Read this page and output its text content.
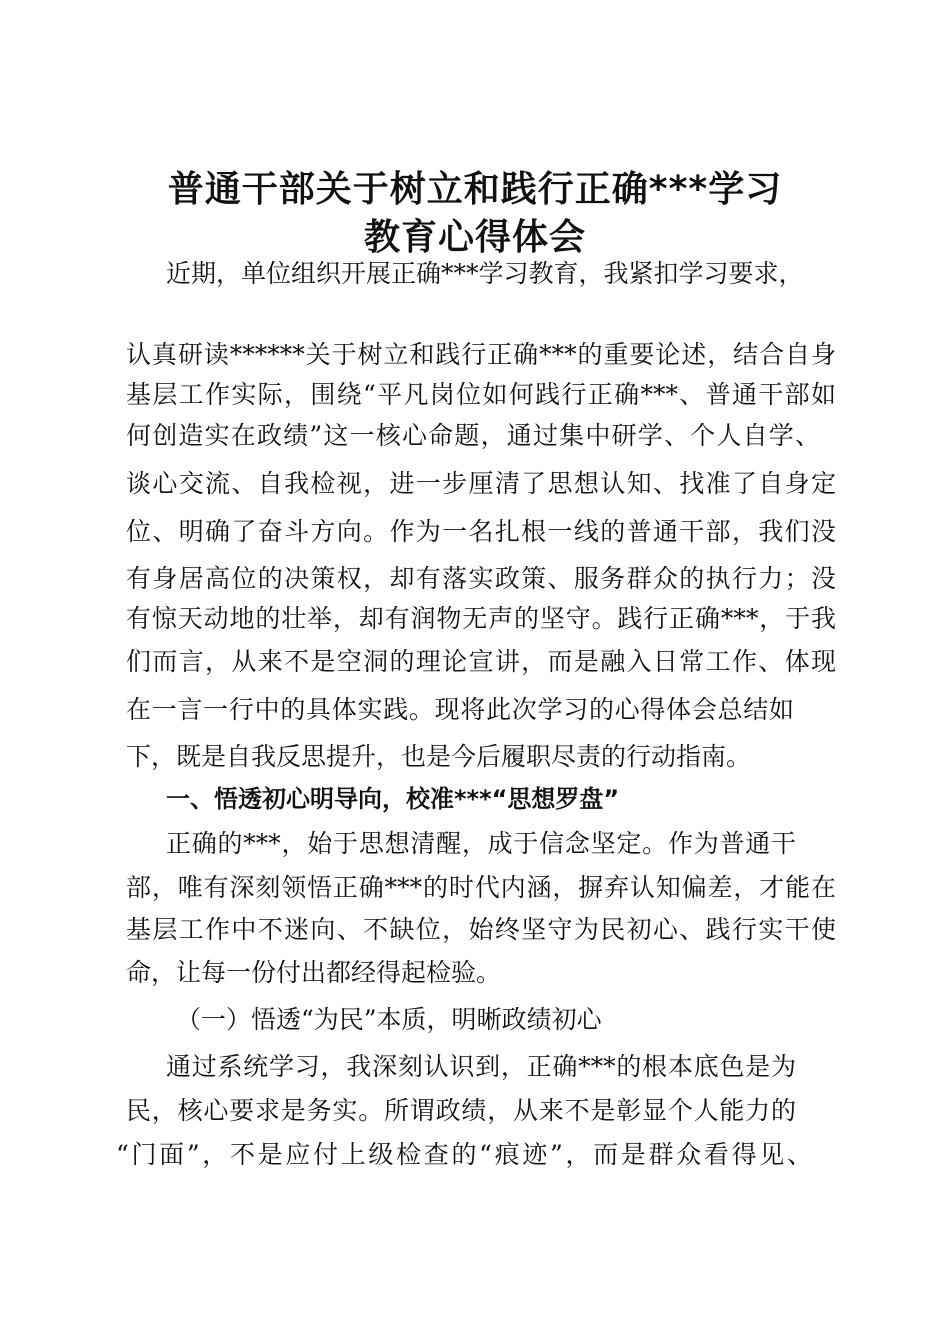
普通干部关于树立和践行正确***学习
教育心得体会
近期，单位组织开展正确***学习教育，我紧扣学习要求，
认真研读******关于树立和践行正确***的重要论述，结合自身
基层工作实际，围绕“平凡岗位如何践行正确***、普通干部如
何创造实在政绩”这一核心命题，通过集中研学、个人自学、
谈心交流、自我检视，进一步厘清了思想认知、找准了自身定
位、明确了奋斗方向。作为一名扎根一线的普通干部，我们没
有身居高位的决策权，却有落实政策、服务群众的执行力；没
有惊天动地的壮举，却有润物无声的坚守。践行正确***，于我
们而言，从来不是空洞的理论宣讲，而是融入日常工作、体现
在一言一行中的具体实践。现将此次学习的心得体会总结如
下，既是自我反思提升，也是今后履职尽责的行动指南。
一、悟透初心明导向，校准***“思想罗盘”
正确的***，始于思想清醒，成于信念坚定。作为普通干
部，唯有深刻领悟正确***的时代内涵，摒弃认知偏差，才能在
基层工作中不迷向、不缺位，始终坚守为民初心、践行实干使
命，让每一份付出都经得起检验。
（一）悟透“为民”本质，明晰政绩初心
通过系统学习，我深刻认识到，正确***的根本底色是为
民，核心要求是务实。所谓政绩，从来不是彰显个人能力的
“门面”，不是应付上级检查的“痕迹”，而是群众看得见、
